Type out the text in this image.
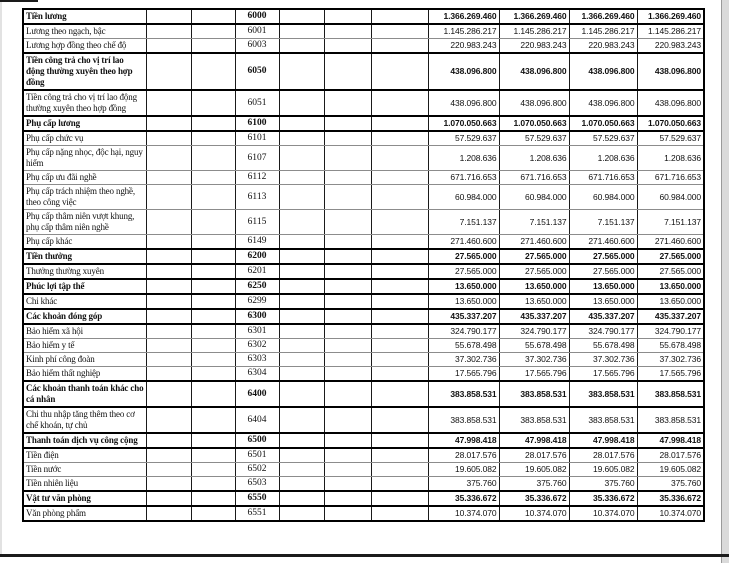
Tiền lương			6000				1.366.269.460	1.366.269.460	1.366.269.460	1.366.269.460
Lương theo ngạch, bậc			6001				1.145.286.217	1.145.286.217	1.145.286.217	1.145.286.217
Lương hợp đồng theo chế độ			6003				220.983.243	220.983.243	220.983.243	220.983.243
Tiền công trả cho vị trí lao động thường xuyên theo hợp đồng			6050				438.096.800	438.096.800	438.096.800	438.096.800
Tiền công trả cho vị trí lao động thường xuyên theo hợp đồng			6051				438.096.800	438.096.800	438.096.800	438.096.800
Phụ cấp lương			6100				1.070.050.663	1.070.050.663	1.070.050.663	1.070.050.663
Phụ cấp chức vụ			6101				57.529.637	57.529.637	57.529.637	57.529.637
Phụ cấp nặng nhọc, độc hại, nguy hiểm			6107				1.208.636	1.208.636	1.208.636	1.208.636
Phụ cấp ưu đãi nghề			6112				671.716.653	671.716.653	671.716.653	671.716.653
Phụ cấp trách nhiệm theo nghề, theo công việc			6113				60.984.000	60.984.000	60.984.000	60.984.000
Phụ cấp thâm niên vượt khung, phụ cấp thâm niên nghề			6115				7.151.137	7.151.137	7.151.137	7.151.137
Phụ cấp khác			6149				271.460.600	271.460.600	271.460.600	271.460.600
Tiền thưởng			6200				27.565.000	27.565.000	27.565.000	27.565.000
Thưởng thường xuyên			6201				27.565.000	27.565.000	27.565.000	27.565.000
Phúc lợi tập thể			6250				13.650.000	13.650.000	13.650.000	13.650.000
Chi khác			6299				13.650.000	13.650.000	13.650.000	13.650.000
Các khoản đóng góp			6300				435.337.207	435.337.207	435.337.207	435.337.207
Bảo hiểm xã hội			6301				324.790.177	324.790.177	324.790.177	324.790.177
Bảo hiểm y tế			6302				55.678.498	55.678.498	55.678.498	55.678.498
Kinh phí công đoàn			6303				37.302.736	37.302.736	37.302.736	37.302.736
Bảo hiểm thất nghiệp			6304				17.565.796	17.565.796	17.565.796	17.565.796
Các khoản thanh toán khác cho cá nhân			6400				383.858.531	383.858.531	383.858.531	383.858.531
Chi thu nhập tăng thêm theo cơ chế khoán, tự chủ			6404				383.858.531	383.858.531	383.858.531	383.858.531
Thanh toán dịch vụ công cộng			6500				47.998.418	47.998.418	47.998.418	47.998.418
Tiền điện			6501				28.017.576	28.017.576	28.017.576	28.017.576
Tiền nước			6502				19.605.082	19.605.082	19.605.082	19.605.082
Tiền nhiên liệu			6503				375.760	375.760	375.760	375.760
Vật tư văn phòng			6550				35.336.672	35.336.672	35.336.672	35.336.672
Văn phòng phẩm			6551				10.374.070	10.374.070	10.374.070	10.374.070
